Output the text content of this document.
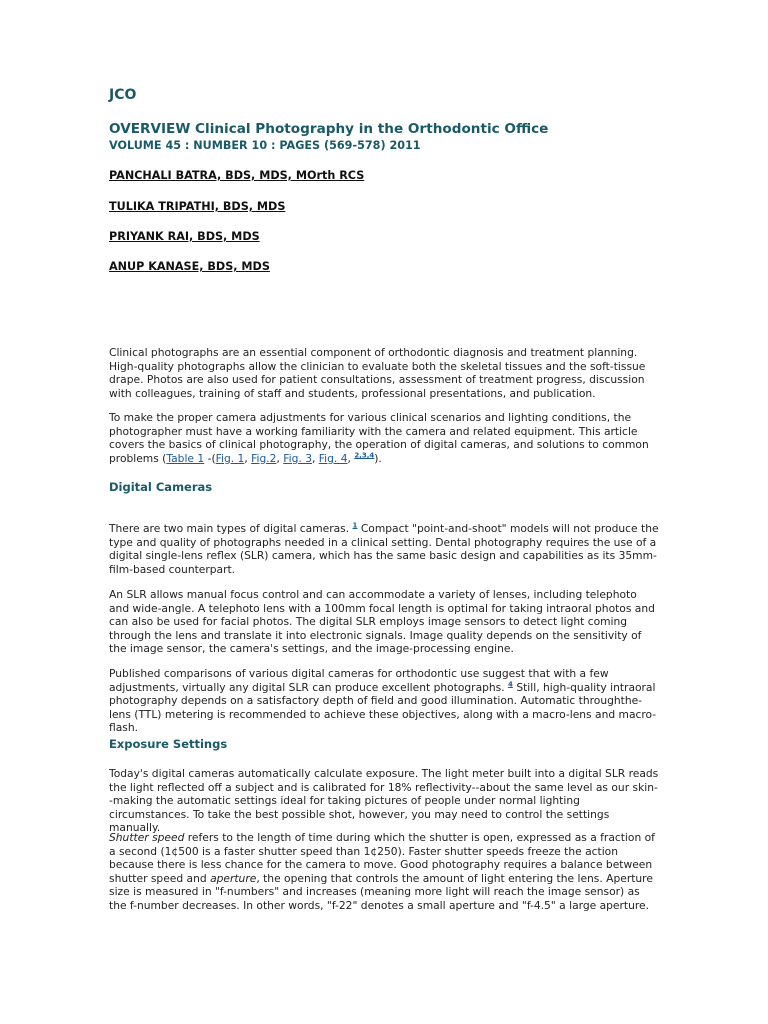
JCO
OVERVIEW Clinical Photography in the Orthodontic Office
VOLUME 45 : NUMBER 10 : PAGES (569-578) 2011
PANCHALI BATRA, BDS, MDS, MOrth RCS
TULIKA TRIPATHI, BDS, MDS
PRIYANK RAI, BDS, MDS
ANUP KANASE, BDS, MDS

Clinical photographs are an essential component of orthodontic diagnosis and treatment planning. High-quality photographs allow the clinician to evaluate both the skeletal tissues and the soft-tissue drape. Photos are also used for patient consultations, assessment of treatment progress, discussion with colleagues, training of staff and students, professional presentations, and publication.

To make the proper camera adjustments for various clinical scenarios and lighting conditions, the photographer must have a working familiarity with the camera and related equipment. This article covers the basics of clinical photography, the operation of digital cameras, and solutions to common problems (Table 1 -(Fig. 1, Fig.2, Fig. 3, Fig. 4, $^{2,3,4}$).

Digital Cameras

There are two main types of digital cameras. $^1$ Compact "point-and-shoot" models will not produce the type and quality of photographs needed in a clinical setting. Dental photography requires the use of a digital single-lens reflex (SLR) camera, which has the same basic design and capabilities as its 35mm-film-based counterpart.

An SLR allows manual focus control and can accommodate a variety of lenses, including telephoto and wide-angle. A telephoto lens with a 100mm focal length is optimal for taking intraoral photos and can also be used for facial photos. The digital SLR employs image sensors to detect light coming through the lens and translate it into electronic signals. Image quality depends on the sensitivity of the image sensor, the camera's settings, and the image-processing engine.

Published comparisons of various digital cameras for orthodontic use suggest that with a few adjustments, virtually any digital SLR can produce excellent photographs. $^4$ Still, high-quality intraoral photography depends on a satisfactory depth of field and good illumination. Automatic throughthe-lens (TTL) metering is recommended to achieve these objectives, along with a macro-lens and macro-flash.

Exposure Settings

Today's digital cameras automatically calculate exposure. The light meter built into a digital SLR reads the light reflected off a subject and is calibrated for 18% reflectivity--about the same level as our skin--making the automatic settings ideal for taking pictures of people under normal lighting circumstances. To take the best possible shot, however, you may need to control the settings manually.

Shutter speed refers to the length of time during which the shutter is open, expressed as a fraction of a second (1¢500 is a faster shutter speed than 1¢250). Faster shutter speeds freeze the action because there is less chance for the camera to move. Good photography requires a balance between shutter speed and aperture, the opening that controls the amount of light entering the lens. Aperture size is measured in "f-numbers" and increases (meaning more light will reach the image sensor) as the f-number decreases. In other words, "f-22" denotes a small aperture and "f-4.5" a large aperture.
